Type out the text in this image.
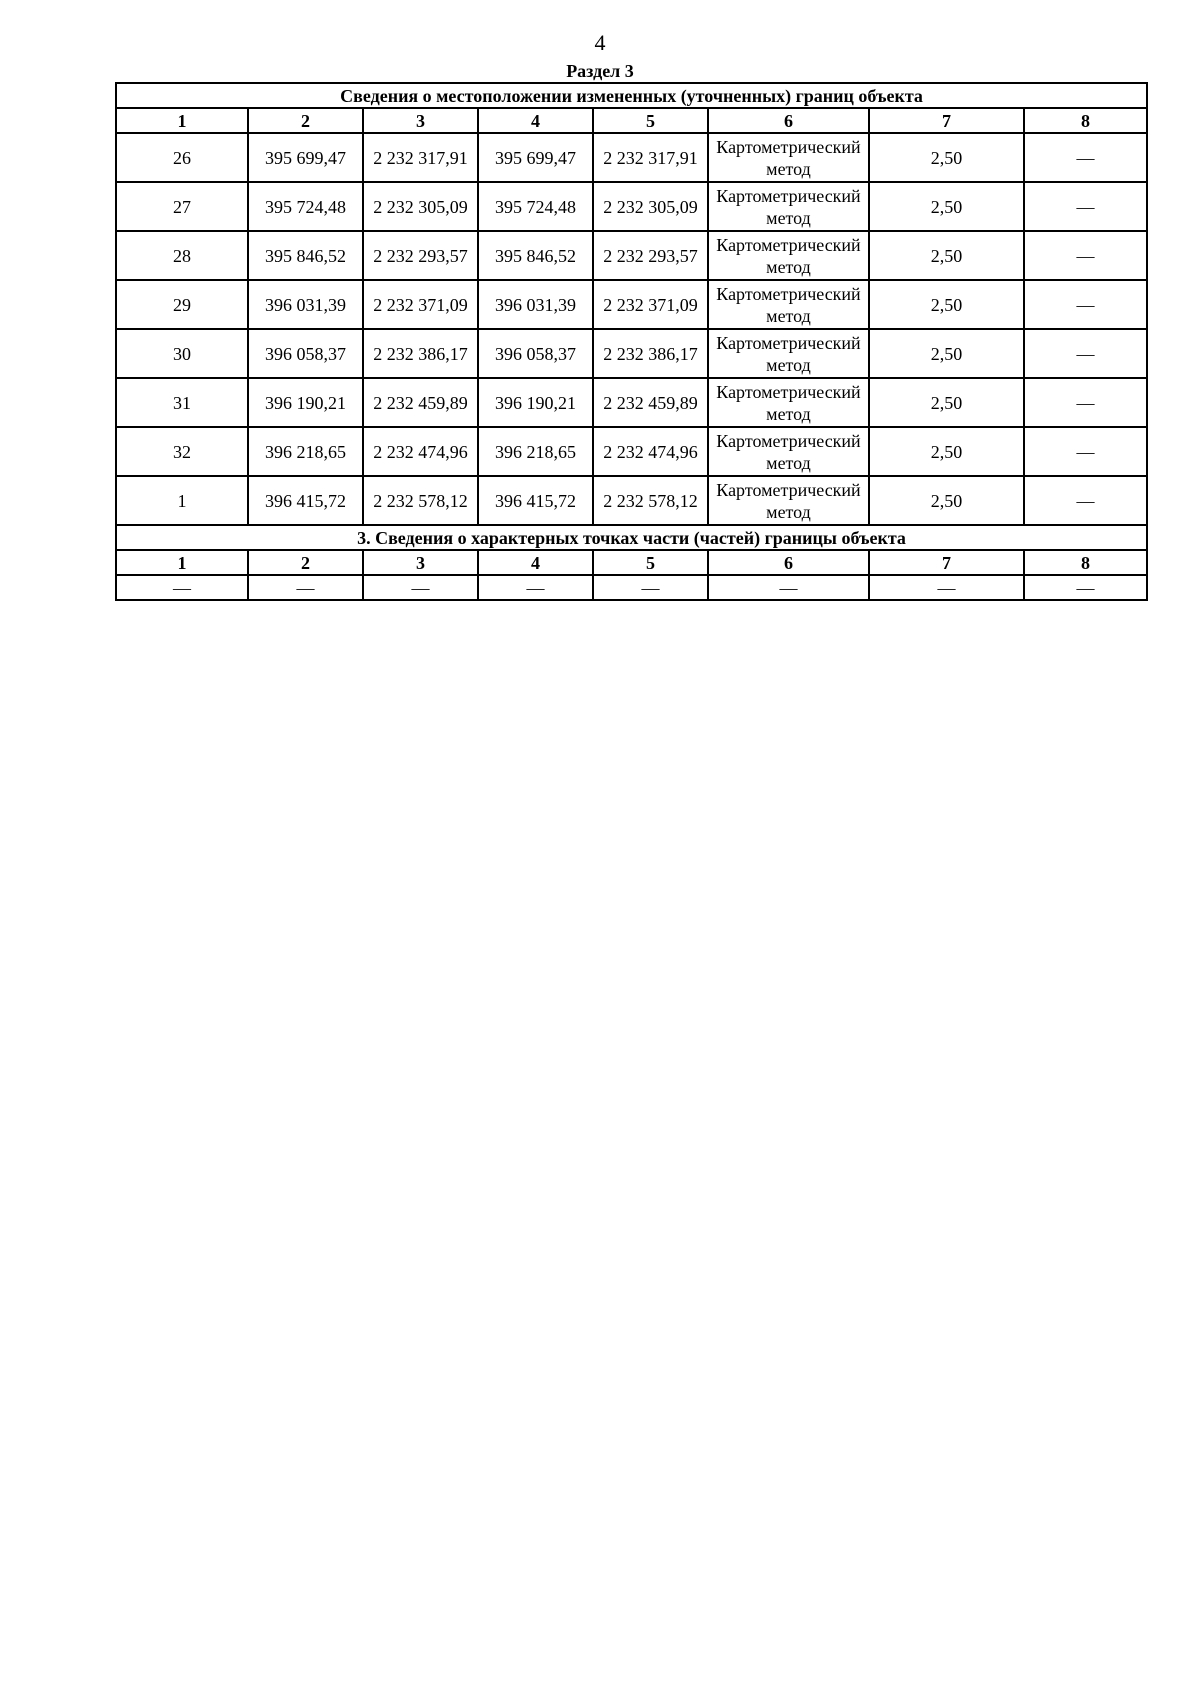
4
Раздел 3
Сведения о местоположении измененных (уточненных) границ объекта							
1	2	3	4	5	6	7	8
26	395 699,47	2 232 317,91	395 699,47	2 232 317,91	Картометрический метод	2,50	—
27	395 724,48	2 232 305,09	395 724,48	2 232 305,09	Картометрический метод	2,50	—
28	395 846,52	2 232 293,57	395 846,52	2 232 293,57	Картометрический метод	2,50	—
29	396 031,39	2 232 371,09	396 031,39	2 232 371,09	Картометрический метод	2,50	—
30	396 058,37	2 232 386,17	396 058,37	2 232 386,17	Картометрический метод	2,50	—
31	396 190,21	2 232 459,89	396 190,21	2 232 459,89	Картометрический метод	2,50	—
32	396 218,65	2 232 474,96	396 218,65	2 232 474,96	Картометрический метод	2,50	—
1	396 415,72	2 232 578,12	396 415,72	2 232 578,12	Картометрический метод	2,50	—
3. Сведения о характерных точках части (частей) границы объекта							
1	2	3	4	5	6	7	8
—	—	—	—	—	—	—	—
